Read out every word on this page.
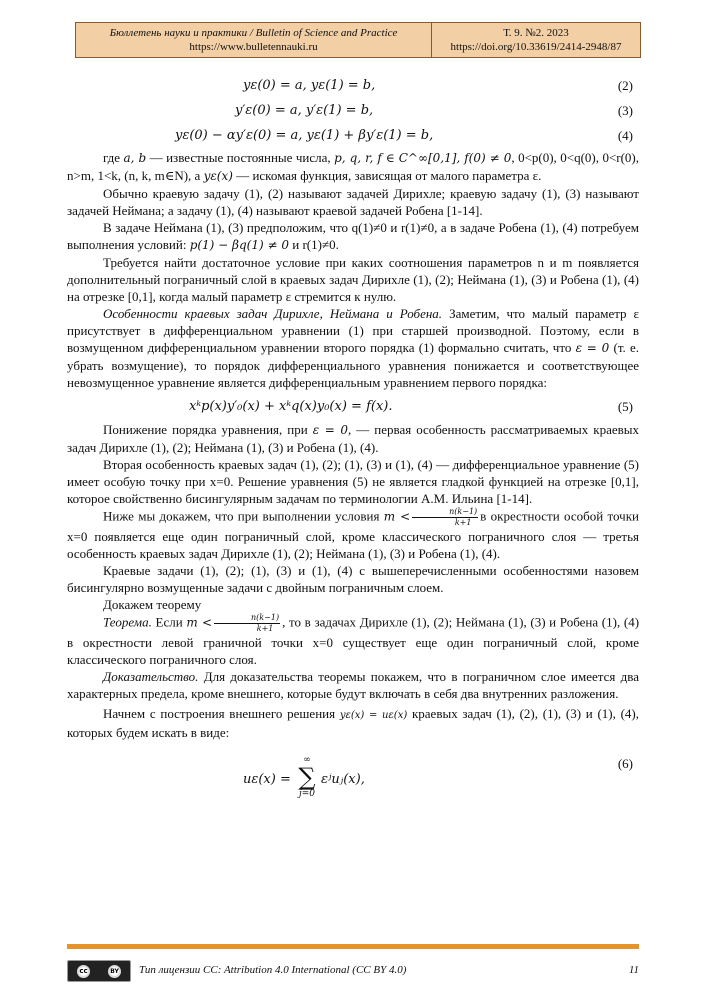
Бюллетень науки и практики / Bulletin of Science and Practice
https://www.bulletennauki.ru
Т. 9. №2. 2023
https://doi.org/10.33619/2414-2948/87
yε(0) = a, yε(1) = b,	(2)
y′ε(0) = a, y′ε(1) = b,	(3)
yε(0) − αy′ε(0) = a, yε(1) + βy′ε(1) = b,	(4)

где a, b — известные постоянные числа, p, q, r, f ∈ C^∞[0,1], f(0) ≠ 0, 0<p(0), 0<q(0), 0<r(0), n>m, 1<k, (n, k, m∈N), а yε(x) — искомая функция, зависящая от малого параметра ε.

Обычно краевую задачу (1), (2) называют задачей Дирихле; краевую задачу (1), (3) называют задачей Неймана; а задачу (1), (4) называют краевой задачей Робена [1-14].

В задаче Неймана (1), (3) предположим, что q(1)≠0 и r(1)≠0, а в задаче Робена (1), (4) потребуем выполнения условий: p(1) − βq(1) ≠ 0 и r(1)≠0.

Требуется найти достаточное условие при каких соотношения параметров n и m появляется дополнительный пограничный слой в краевых задач Дирихле (1), (2); Неймана (1), (3) и Робена (1), (4) на отрезке [0,1], когда малый параметр ε стремится к нулю.

Особенности краевых задач Дирихле, Неймана и Робена. Заметим, что малый параметр ε присутствует в дифференциальном уравнении (1) при старшей производной. Поэтому, если в возмущенном дифференциальном уравнении второго порядка (1) формально считать, что ε = 0 (т. е. убрать возмущение), то порядок дифференциального уравнения понижается и соответствующее невозмущенное уравнение является дифференциальным уравнением первого порядка:

xᵏp(x)y′₀(x) + xᵏq(x)y₀(x) = f(x).	(5)

Понижение порядка уравнения, при ε = 0, — первая особенность рассматриваемых краевых задач Дирихле (1), (2); Неймана (1), (3) и Робена (1), (4).

Вторая особенность краевых задач (1), (2); (1), (3) и (1), (4) — дифференциальное уравнение (5) имеет особую точку при x=0. Решение уравнения (5) не является гладкой функцией на отрезке [0,1], которое свойственно бисингулярным задачам по терминологии А.М. Ильина [1-14].

Ниже мы докажем, что при выполнении условия $m < \frac{n(k-1)}{k+1}$ в окрестности особой точки x=0 появляется еще один пограничный слой, кроме классического пограничного слоя — третья особенность краевых задач Дирихле (1), (2); Неймана (1), (3) и Робена (1), (4).

Краевые задачи (1), (2); (1), (3) и (1), (4) с вышеперечисленными особенностями назовем бисингулярно возмущенные задачи с двойным пограничным слоем.

Докажем теорему

Теорема. Если $m < \frac{n(k-1)}{k+1}$ , то в задачах Дирихле (1), (2); Неймана (1), (3) и Робена (1), (4) в окрестности левой граничной точки x=0 существует еще один пограничный слой, кроме классического пограничного слоя.

Доказательство. Для доказательства теоремы покажем, что в пограничном слое имеется два характерных предела, кроме внешнего, которые будут включать в себя два внутренних разложения.

Начнем с построения внешнего решения yε(x) = uε(x) краевых задач (1), (2), (1), (3) и (1), (4), которых будем искать в виде:

uε(x) =
∞
∑
j=0
εʲuⱼ(x),
(6)
cc	BY Тип лицензии CC: Attribution 4.0 International (CC BY 4.0)	11
